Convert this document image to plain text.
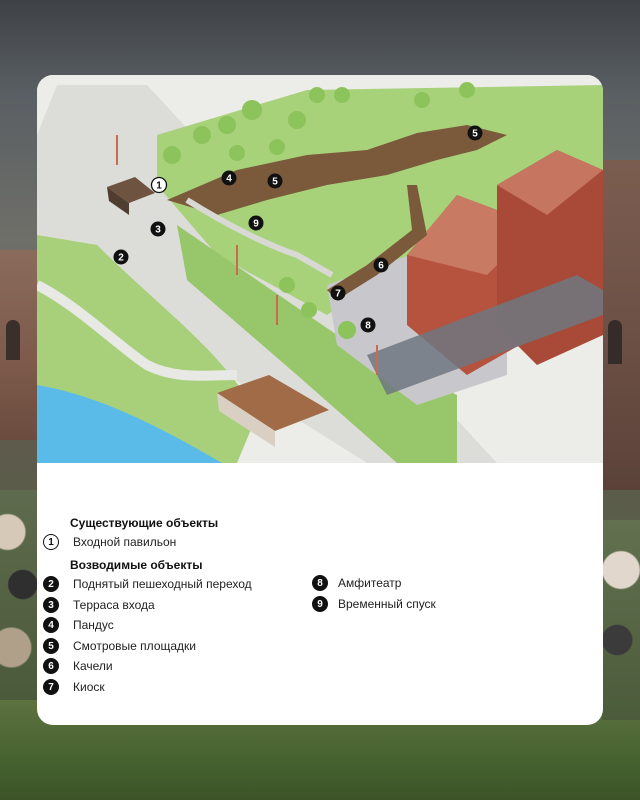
1
2
3
4	5
5
6
7
8
9
Существующие объекты
1	Входной павильон
Возводимые объекты
2	Поднятый пешеходный переход
3	Терраса входа
4	Пандус
5	Смотровые площадки
6	Качели
7	Киоск
8	Амфитеатр
9	Временный спуск
